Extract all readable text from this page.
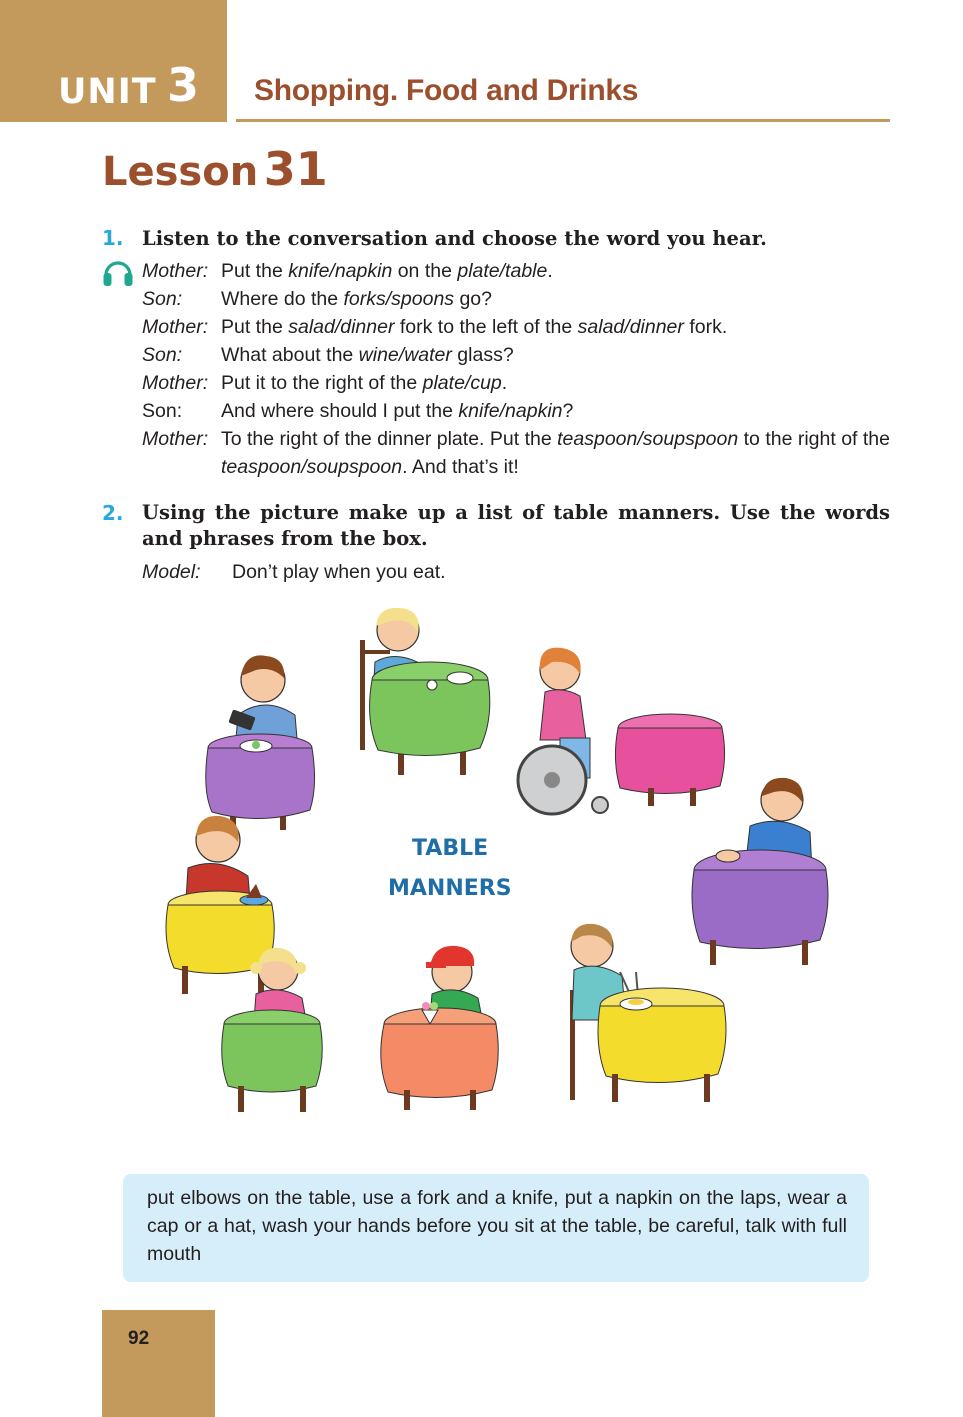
UNIT 3 Shopping. Food and Drinks
Lesson 31
1. Listen to the conversation and choose the word you hear.
Mother: Put the knife/napkin on the plate/table.
Son: Where do the forks/spoons go?
Mother: Put the salad/dinner fork to the left of the salad/dinner fork.
Son: What about the wine/water glass?
Mother: Put it to the right of the plate/cup.
Son: And where should I put the knife/napkin?
Mother: To the right of the dinner plate. Put the teaspoon/soupspoon to the right of the teaspoon/soupspoon. And that’s it!
2. Using the picture make up a list of table manners. Use the words and phrases from the box.
Model: Don’t play when you eat.
TABLE
MANNERS
put elbows on the table, use a fork and a knife, put a napkin on the laps, wear a cap or a hat, wash your hands before you sit at the table, be careful, talk with full mouth
92
